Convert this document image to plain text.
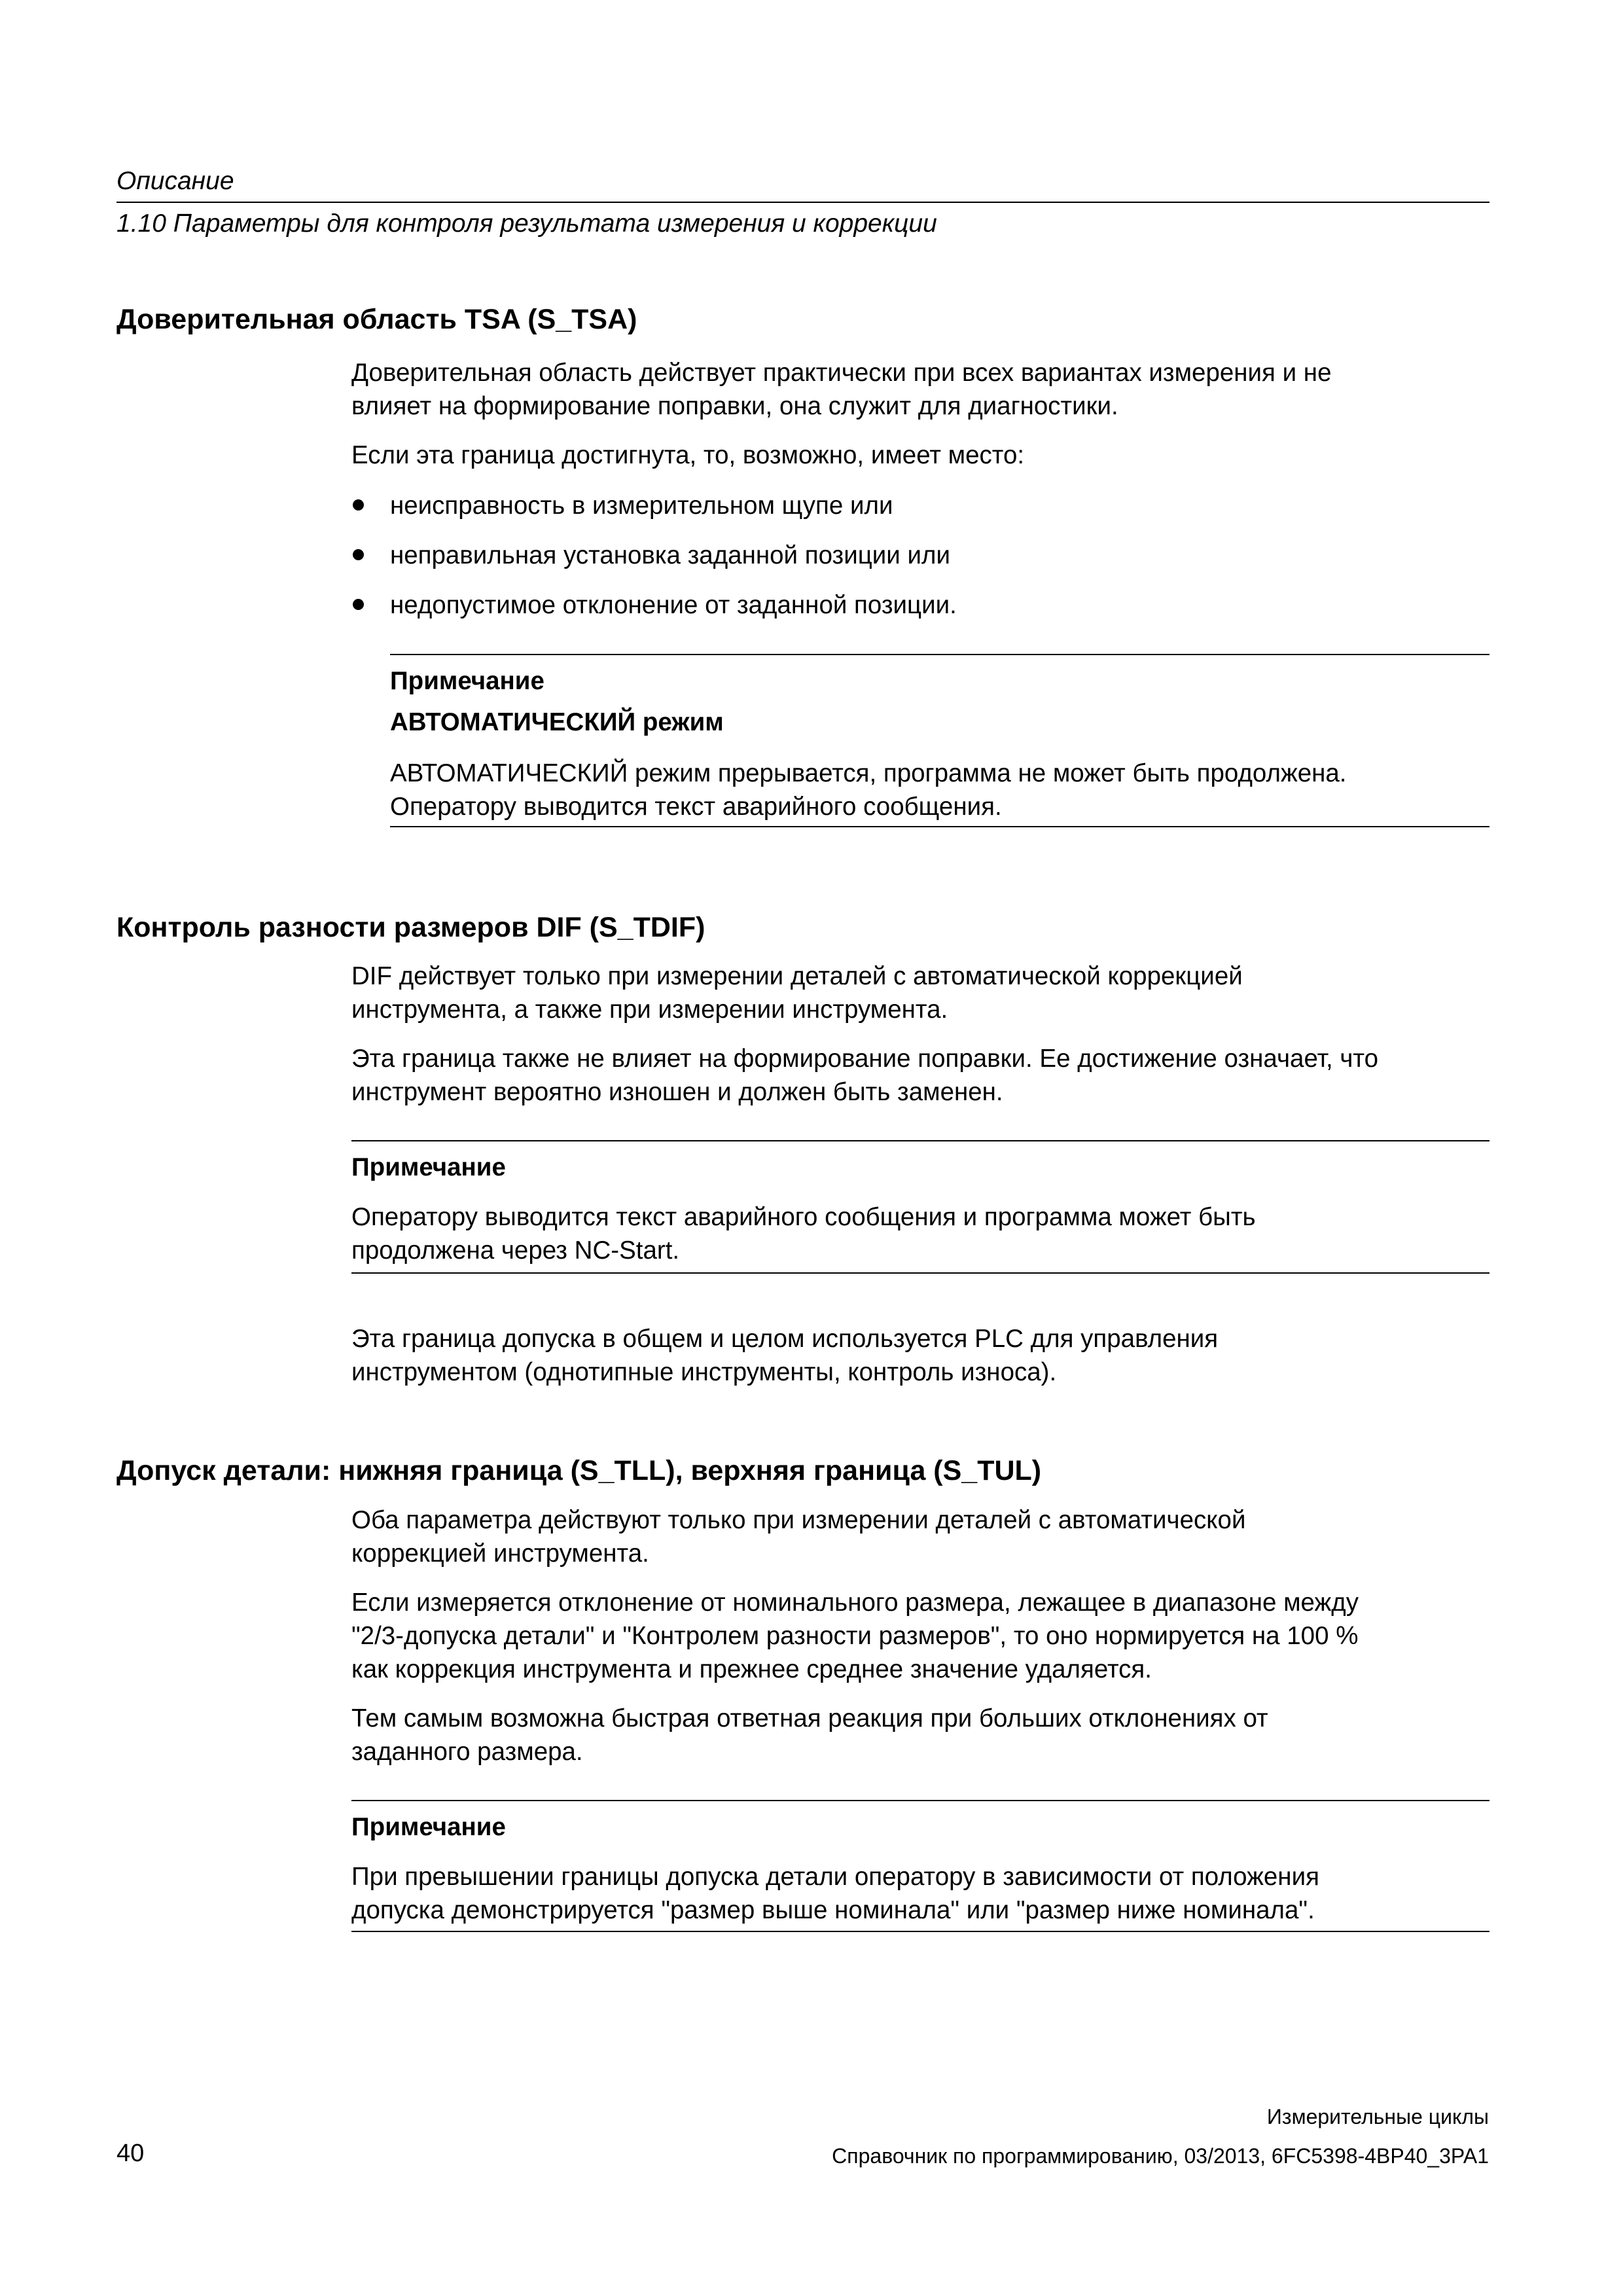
Описание
1.10 Параметры для контроля результата измерения и коррекции
Доверительная область TSA (S_TSA)
Доверительная область действует практически при всех вариантах измерения и не
влияет на формирование поправки, она служит для диагностики.
Если эта граница достигнута, то, возможно, имеет место:
неисправность в измерительном щупе или
неправильная установка заданной позиции или
недопустимое отклонение от заданной позиции.
Примечание
АВТОМАТИЧЕСКИЙ режим
АВТОМАТИЧЕСКИЙ режим прерывается, программа не может быть продолжена.
Оператору выводится текст аварийного сообщения.
Контроль разности размеров DIF (S_TDIF)
DIF действует только при измерении деталей с автоматической коррекцией
инструмента, а также при измерении инструмента.
Эта граница также не влияет на формирование поправки. Ее достижение означает, что
инструмент вероятно изношен и должен быть заменен.
Примечание
Оператору выводится текст аварийного сообщения и программа может быть
продолжена через NC-Start.
Эта граница допуска в общем и целом используется PLC для управления
инструментом (однотипные инструменты, контроль износа).
Допуск детали: нижняя граница (S_TLL), верхняя граница (S_TUL)
Оба параметра действуют только при измерении деталей с автоматической
коррекцией инструмента.
Если измеряется отклонение от номинального размера, лежащее в диапазоне между
"2/3-допуска детали" и "Контролем разности размеров", то оно нормируется на 100 %
как коррекция инструмента и прежнее среднее значение удаляется.
Тем самым возможна быстрая ответная реакция при больших отклонениях от
заданного размера.
Примечание
При превышении границы допуска детали оператору в зависимости от положения
допуска демонстрируется "размер выше номинала" или "размер ниже номинала".
Измерительные циклы
40	Справочник по программированию, 03/2013, 6FC5398-4BP40_3PA1
